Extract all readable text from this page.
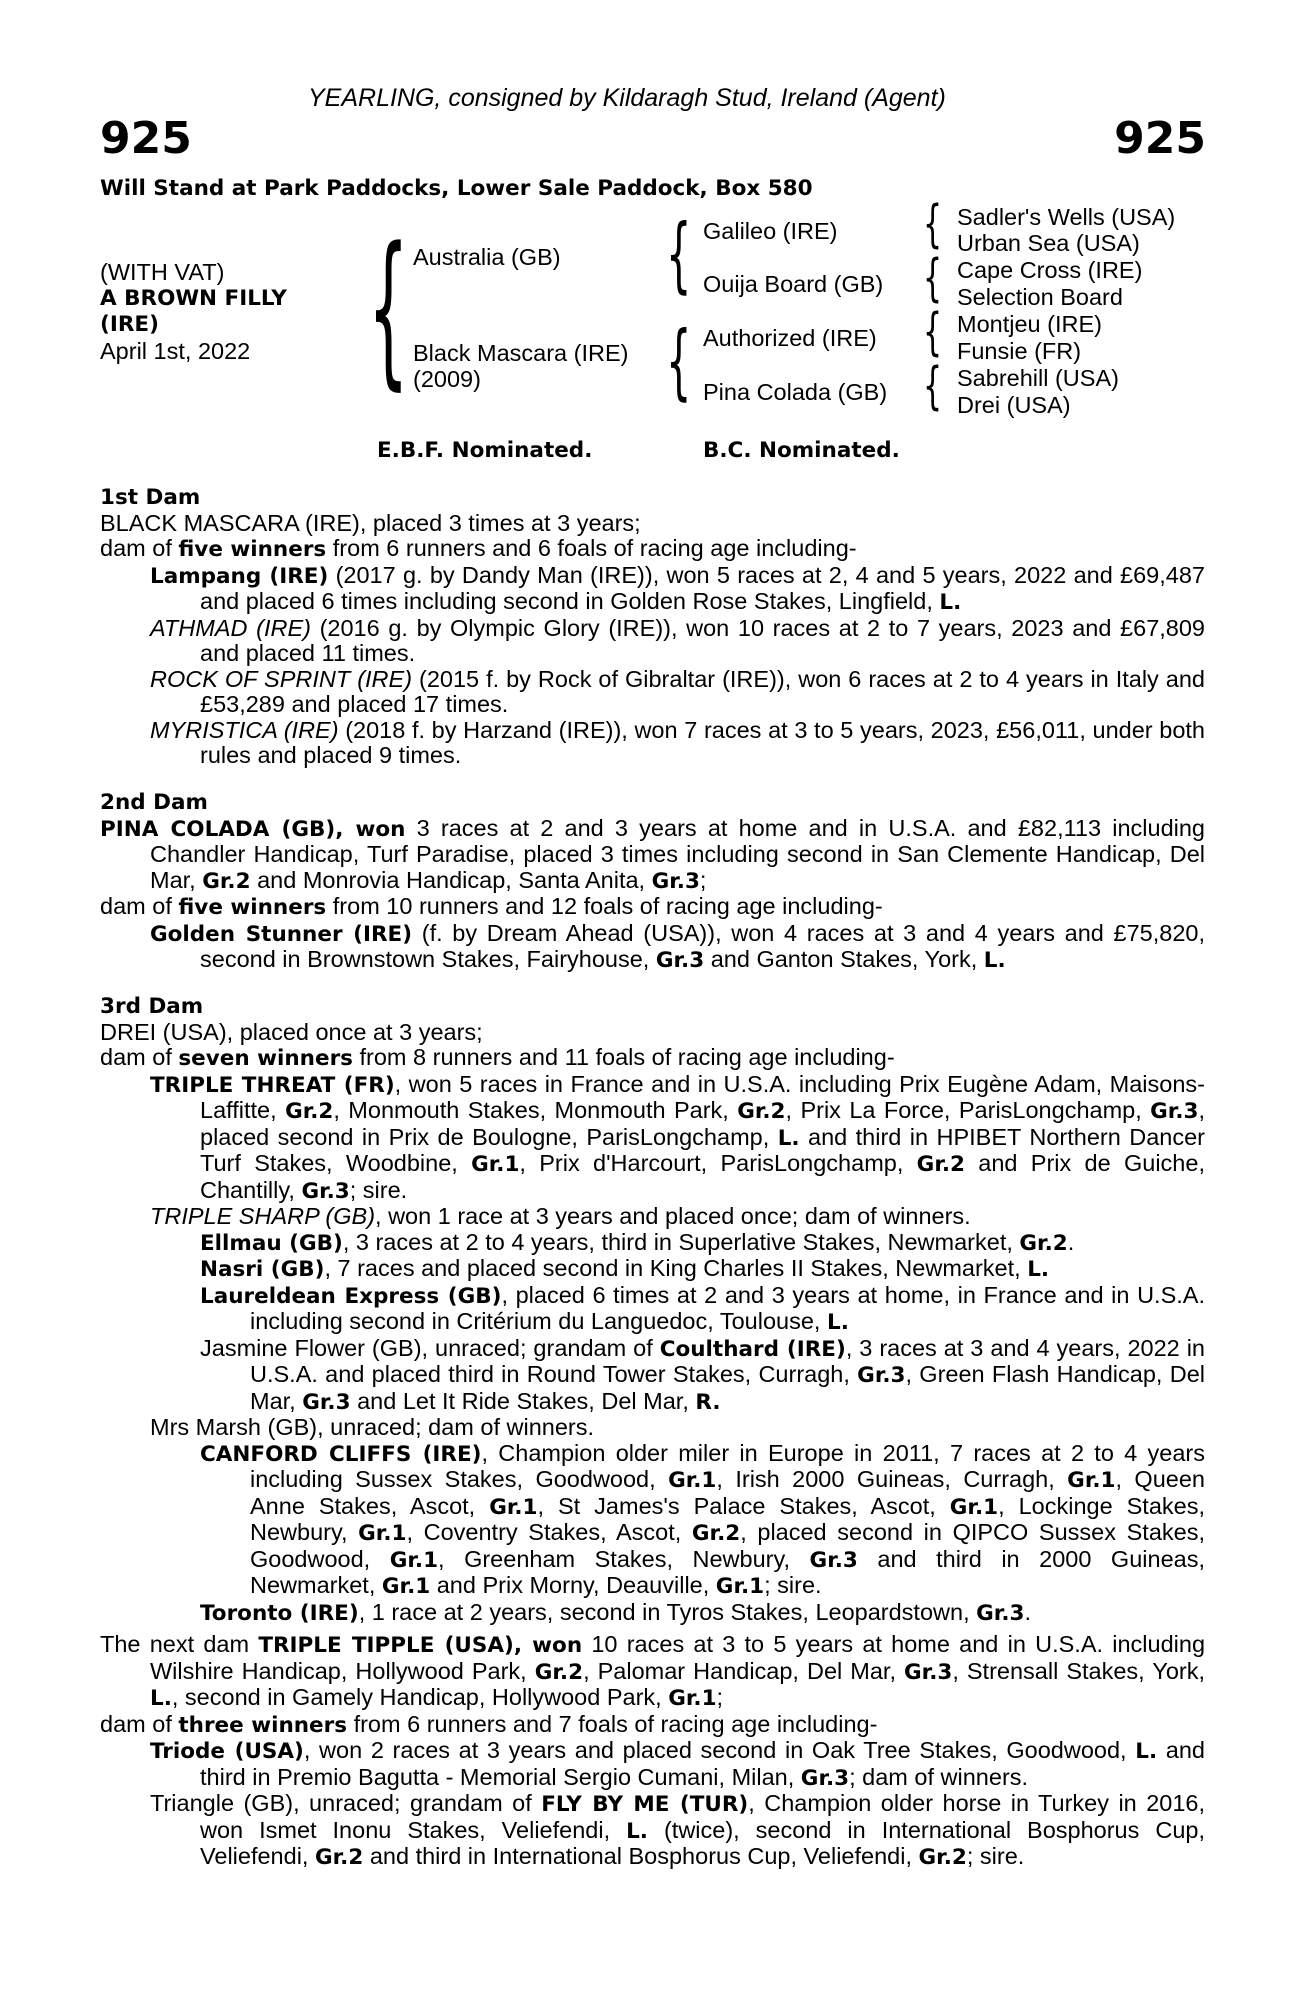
YEARLING, consigned by Kildaragh Stud, Ireland (Agent)
925	925
Will Stand at Park Paddocks, Lower Sale Paddock, Box 580
(WITH VAT)
A BROWN FILLY
(IRE)
April 1st, 2022 { Australia (GB)
Black Mascara (IRE)
(2009)
{
{
Galileo (IRE)
Ouija Board (GB)
Authorized (IRE)
Pina Colada (GB)
{
{
{
{
Sadler's Wells (USA)
Urban Sea (USA)
Cape Cross (IRE)
Selection Board
Montjeu (IRE)
Funsie (FR)
Sabrehill (USA)
Drei (USA)
E.B.F. Nominated.	B.C. Nominated.
1st Dam
BLACK MASCARA (IRE), placed 3 times at 3 years;
dam of five winners from 6 runners and 6 foals of racing age including-
Lampang (IRE) (2017 g. by Dandy Man (IRE)), won 5 races at 2, 4 and 5 years, 2022 and £69,487 and placed 6 times including second in Golden Rose Stakes, Lingfield, L.
ATHMAD (IRE) (2016 g. by Olympic Glory (IRE)), won 10 races at 2 to 7 years, 2023 and £67,809 and placed 11 times.
ROCK OF SPRINT (IRE) (2015 f. by Rock of Gibraltar (IRE)), won 6 races at 2 to 4 years in Italy and £53,289 and placed 17 times.
MYRISTICA (IRE) (2018 f. by Harzand (IRE)), won 7 races at 3 to 5 years, 2023, £56,011, under both rules and placed 9 times.
2nd Dam
PINA COLADA (GB), won 3 races at 2 and 3 years at home and in U.S.A. and £82,113 including Chandler Handicap, Turf Paradise, placed 3 times including second in San Clemente Handicap, Del Mar, Gr.2 and Monrovia Handicap, Santa Anita, Gr.3;
dam of five winners from 10 runners and 12 foals of racing age including-
Golden Stunner (IRE) (f. by Dream Ahead (USA)), won 4 races at 3 and 4 years and £75,820, second in Brownstown Stakes, Fairyhouse, Gr.3 and Ganton Stakes, York, L.
3rd Dam
DREI (USA), placed once at 3 years;
dam of seven winners from 8 runners and 11 foals of racing age including-
TRIPLE THREAT (FR), won 5 races in France and in U.S.A. including Prix Eugène Adam, Maisons-Laffitte, Gr.2, Monmouth Stakes, Monmouth Park, Gr.2, Prix La Force, ParisLongchamp, Gr.3, placed second in Prix de Boulogne, ParisLongchamp, L. and third in HPIBET Northern Dancer Turf Stakes, Woodbine, Gr.1, Prix d'Harcourt, ParisLongchamp, Gr.2 and Prix de Guiche, Chantilly, Gr.3; sire.
TRIPLE SHARP (GB), won 1 race at 3 years and placed once; dam of winners.
Ellmau (GB), 3 races at 2 to 4 years, third in Superlative Stakes, Newmarket, Gr.2.
Nasri (GB), 7 races and placed second in King Charles II Stakes, Newmarket, L.
Laureldean Express (GB), placed 6 times at 2 and 3 years at home, in France and in U.S.A. including second in Critérium du Languedoc, Toulouse, L.
Jasmine Flower (GB), unraced; grandam of Coulthard (IRE), 3 races at 3 and 4 years, 2022 in U.S.A. and placed third in Round Tower Stakes, Curragh, Gr.3, Green Flash Handicap, Del Mar, Gr.3 and Let It Ride Stakes, Del Mar, R.
Mrs Marsh (GB), unraced; dam of winners.
CANFORD CLIFFS (IRE), Champion older miler in Europe in 2011, 7 races at 2 to 4 years including Sussex Stakes, Goodwood, Gr.1, Irish 2000 Guineas, Curragh, Gr.1, Queen Anne Stakes, Ascot, Gr.1, St James's Palace Stakes, Ascot, Gr.1, Lockinge Stakes, Newbury, Gr.1, Coventry Stakes, Ascot, Gr.2, placed second in QIPCO Sussex Stakes, Goodwood, Gr.1, Greenham Stakes, Newbury, Gr.3 and third in 2000 Guineas, Newmarket, Gr.1 and Prix Morny, Deauville, Gr.1; sire.
Toronto (IRE), 1 race at 2 years, second in Tyros Stakes, Leopardstown, Gr.3.
The next dam TRIPLE TIPPLE (USA), won 10 races at 3 to 5 years at home and in U.S.A. including Wilshire Handicap, Hollywood Park, Gr.2, Palomar Handicap, Del Mar, Gr.3, Strensall Stakes, York, L., second in Gamely Handicap, Hollywood Park, Gr.1;
dam of three winners from 6 runners and 7 foals of racing age including-
Triode (USA), won 2 races at 3 years and placed second in Oak Tree Stakes, Goodwood, L. and third in Premio Bagutta - Memorial Sergio Cumani, Milan, Gr.3; dam of winners.
Triangle (GB), unraced; grandam of FLY BY ME (TUR), Champion older horse in Turkey in 2016, won Ismet Inonu Stakes, Veliefendi, L. (twice), second in International Bosphorus Cup, Veliefendi, Gr.2 and third in International Bosphorus Cup, Veliefendi, Gr.2; sire.
